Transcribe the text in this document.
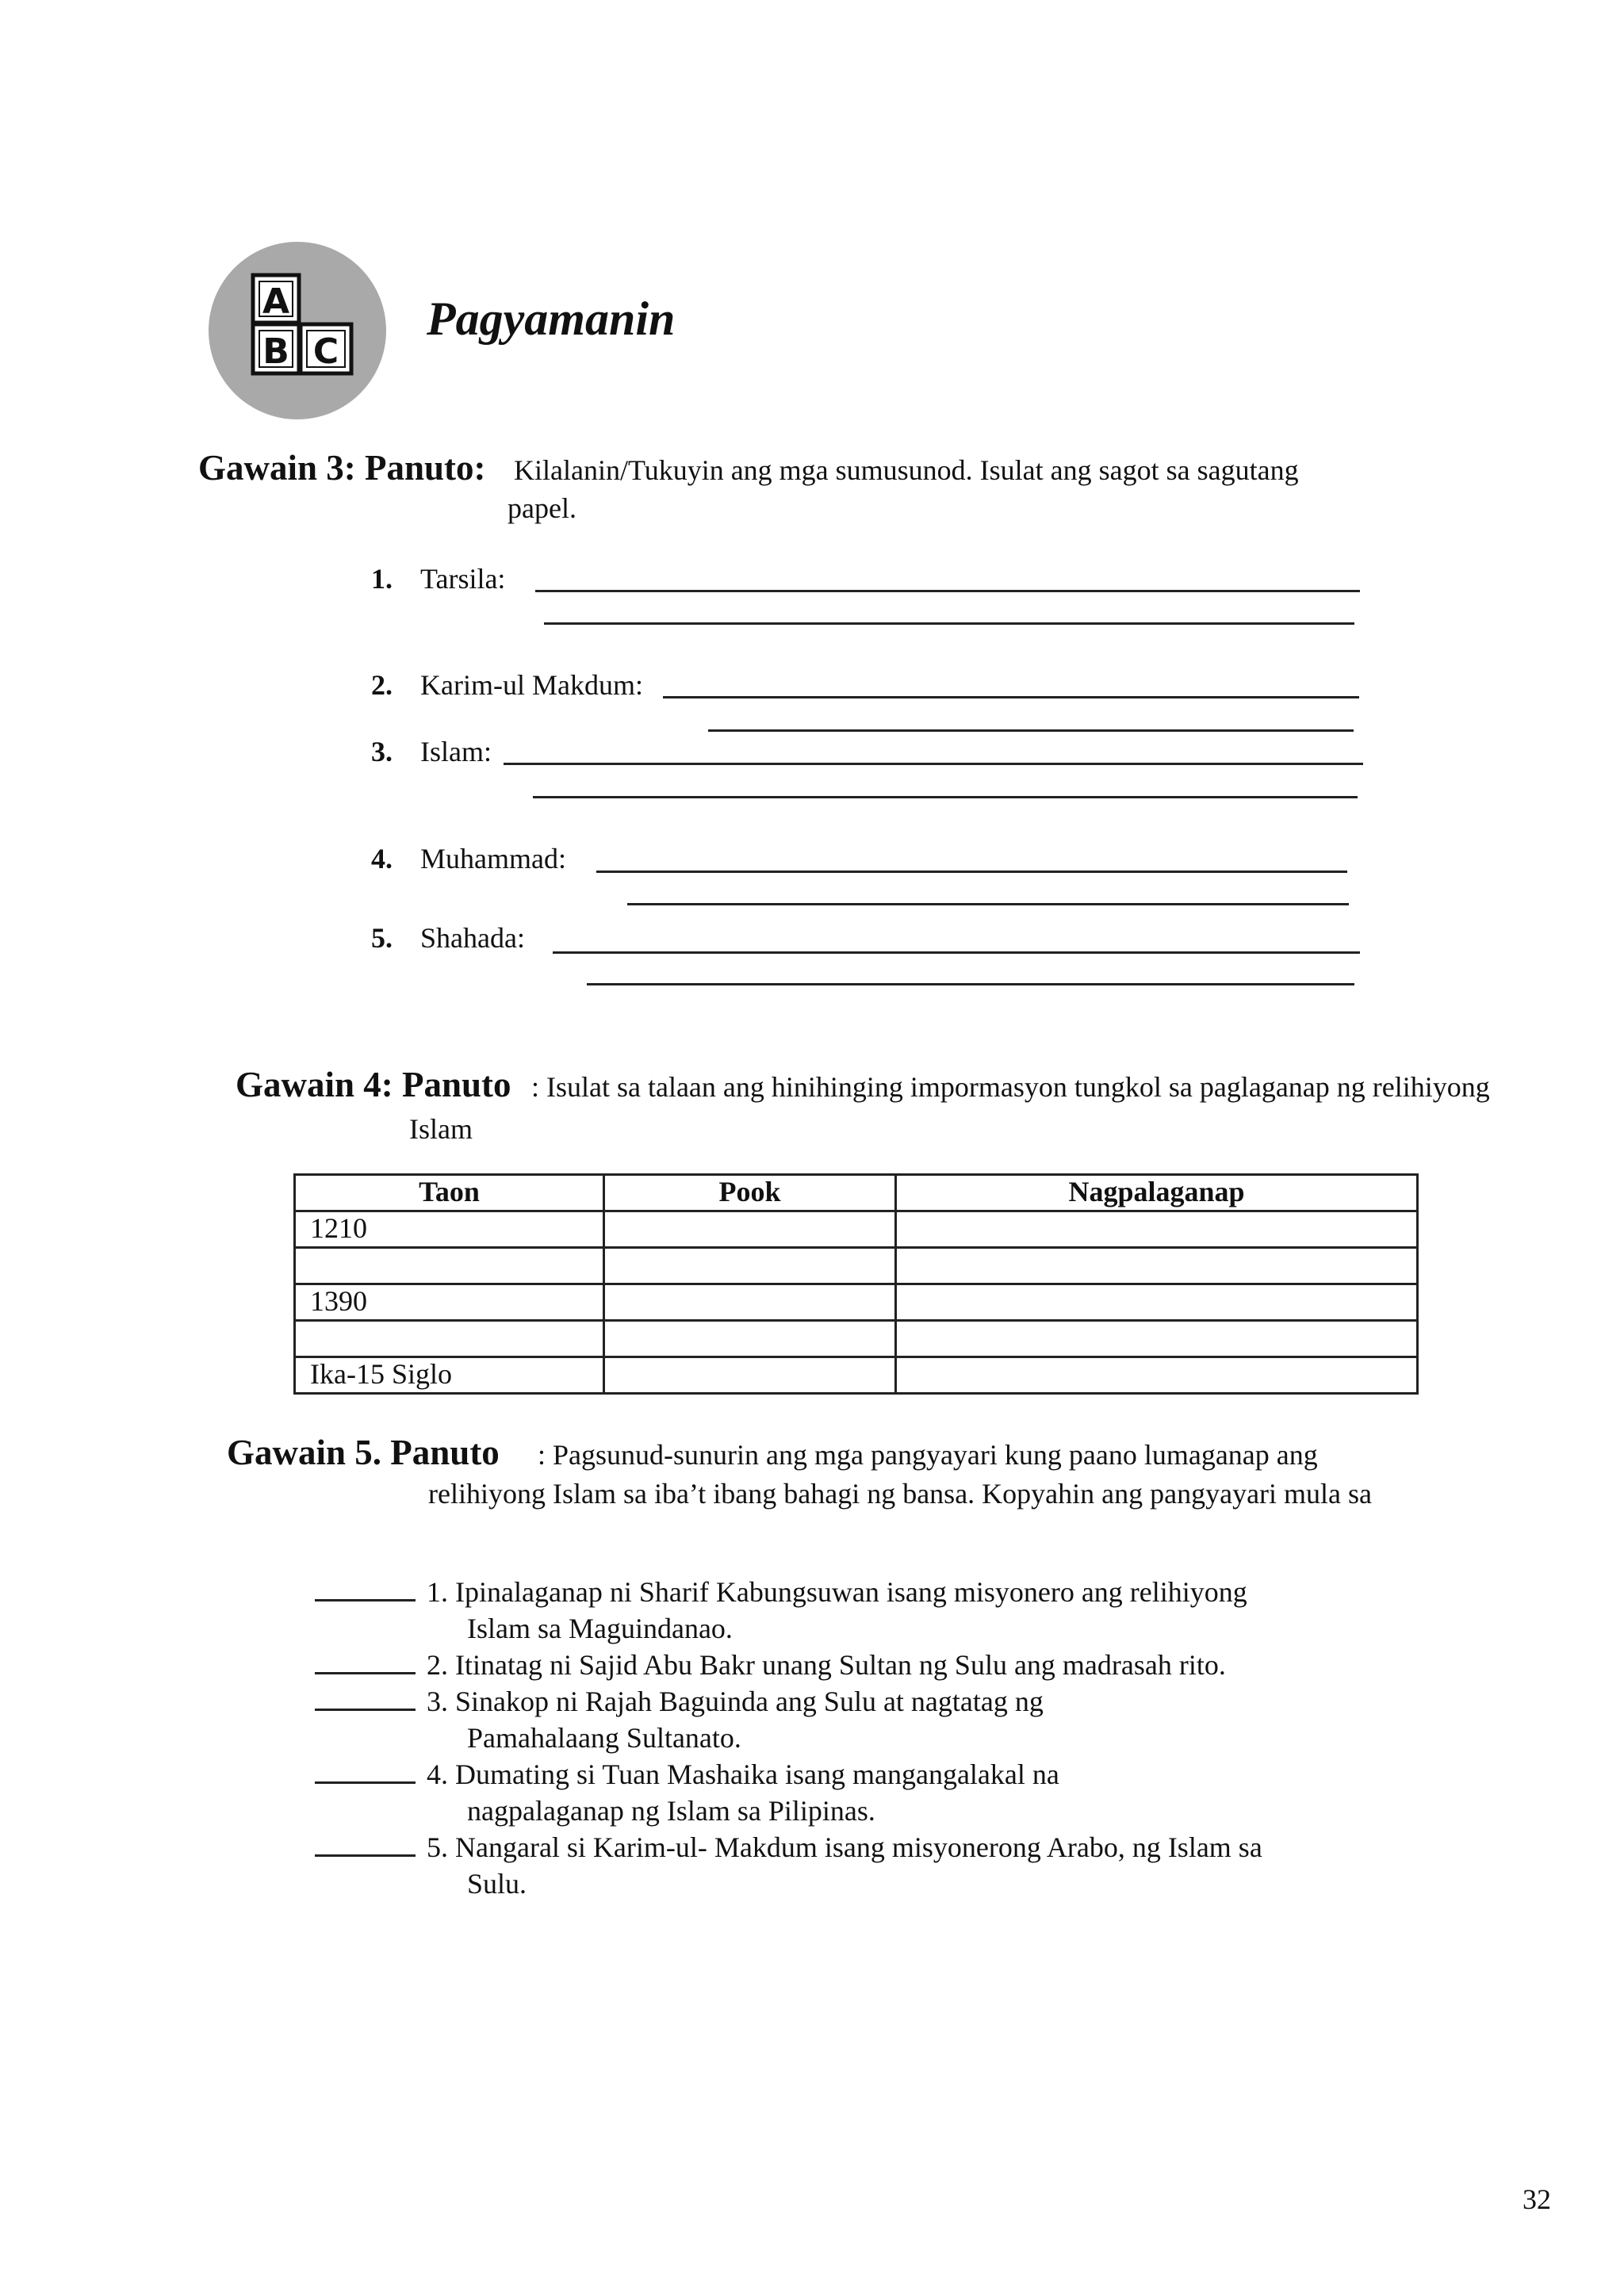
A
B C
Pagyamanin
Gawain 3: Panuto: Kilalanin/Tukuyin ang mga sumusunod. Isulat ang sagot sa sagutang
papel.
1. Tarsila:
2. Karim-ul Makdum:
3. Islam:
4. Muhammad:
5. Shahada:
Gawain 4: Panuto : Isulat sa talaan ang hinihinging impormasyon tungkol sa paglaganap ng relihiyong
Islam
Taon	Pook	Nagpalaganap
1210		

1390		

Ika-15 Siglo		
Gawain 5. Panuto : Pagsunud-sunurin ang mga pangyayari kung paano lumaganap ang
relihiyong Islam sa iba’t ibang bahagi ng bansa. Kopyahin ang pangyayari mula sa
1. Ipinalaganap ni Sharif Kabungsuwan isang misyonero ang relihiyong
Islam sa Maguindanao.
2. Itinatag ni Sajid Abu Bakr unang Sultan ng Sulu ang madrasah rito.
3. Sinakop ni Rajah Baguinda ang Sulu at nagtatag ng
Pamahalaang Sultanato.
4. Dumating si Tuan Mashaika isang mangangalakal na
nagpalaganap ng Islam sa Pilipinas.
5. Nangaral si Karim-ul- Makdum isang misyonerong Arabo, ng Islam sa
Sulu.
32
